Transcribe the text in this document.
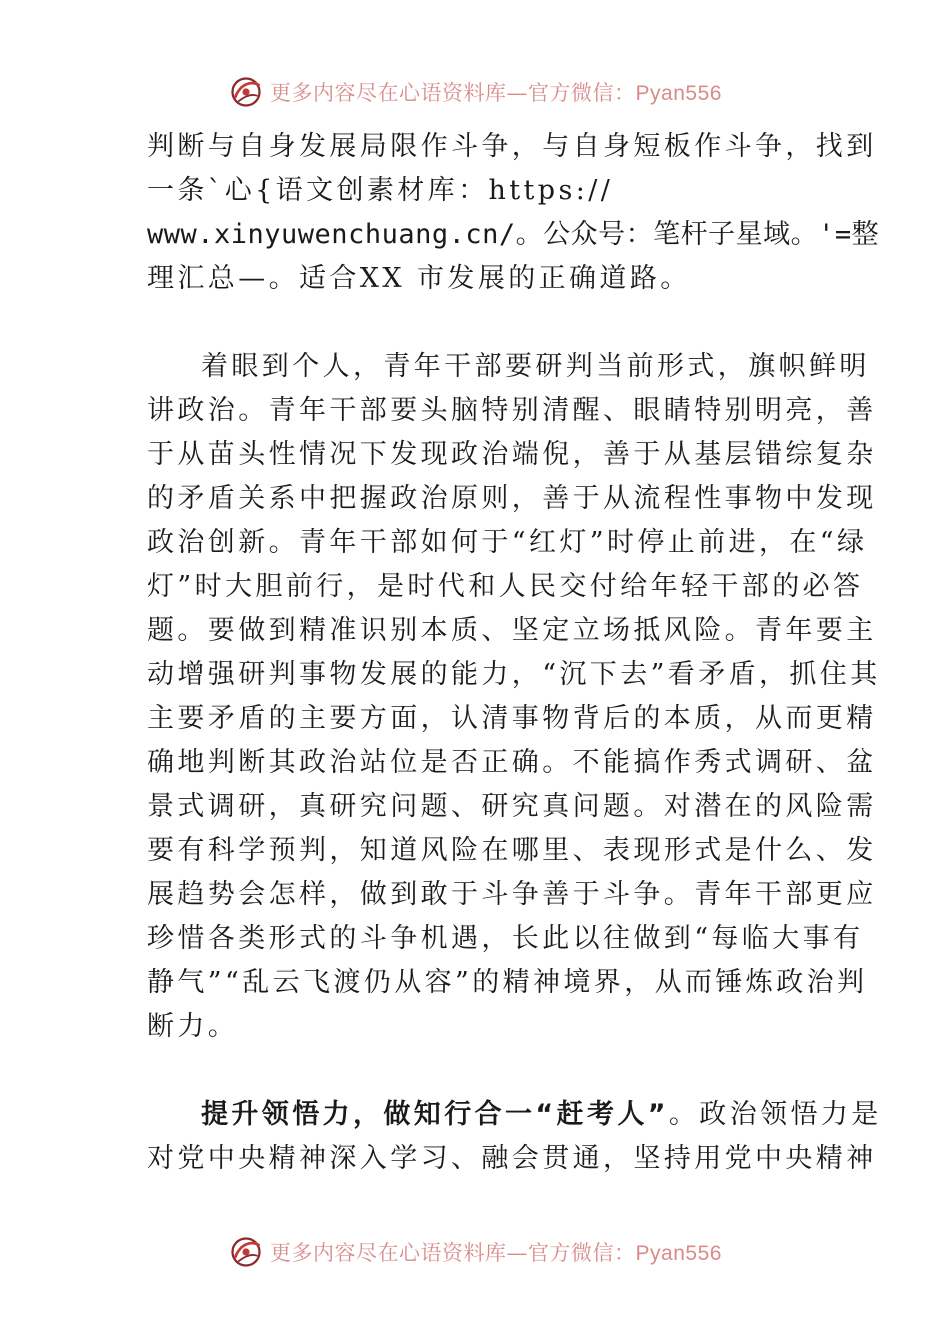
更多内容尽在心语资料库—官方微信：Pyan556
判断与自身发展局限作斗争，与自身短板作斗争，找到
一条`心{语文创素材库：https://
www.xinyuwenchuang.cn/。公众号：笔杆子星域。'=整
理汇总—。适合XX 市发展的正确道路。
着眼到个人，青年干部要研判当前形式，旗帜鲜明
讲政治。青年干部要头脑特别清醒、眼睛特别明亮，善
于从苗头性情况下发现政治端倪，善于从基层错综复杂
的矛盾关系中把握政治原则，善于从流程性事物中发现
政治创新。青年干部如何于“红灯”时停止前进，在“绿
灯”时大胆前行，是时代和人民交付给年轻干部的必答
题。要做到精准识别本质、坚定立场抵风险。青年要主
动增强研判事物发展的能力，“沉下去”看矛盾，抓住其
主要矛盾的主要方面，认清事物背后的本质，从而更精
确地判断其政治站位是否正确。不能搞作秀式调研、盆
景式调研，真研究问题、研究真问题。对潜在的风险需
要有科学预判，知道风险在哪里、表现形式是什么、发
展趋势会怎样，做到敢于斗争善于斗争。青年干部更应
珍惜各类形式的斗争机遇，长此以往做到“每临大事有
静气”“乱云飞渡仍从容”的精神境界，从而锤炼政治判
断力。
提升领悟力，做知行合一“赶考人”。政治领悟力是
对党中央精神深入学习、融会贯通，坚持用党中央精神
更多内容尽在心语资料库—官方微信：Pyan556
